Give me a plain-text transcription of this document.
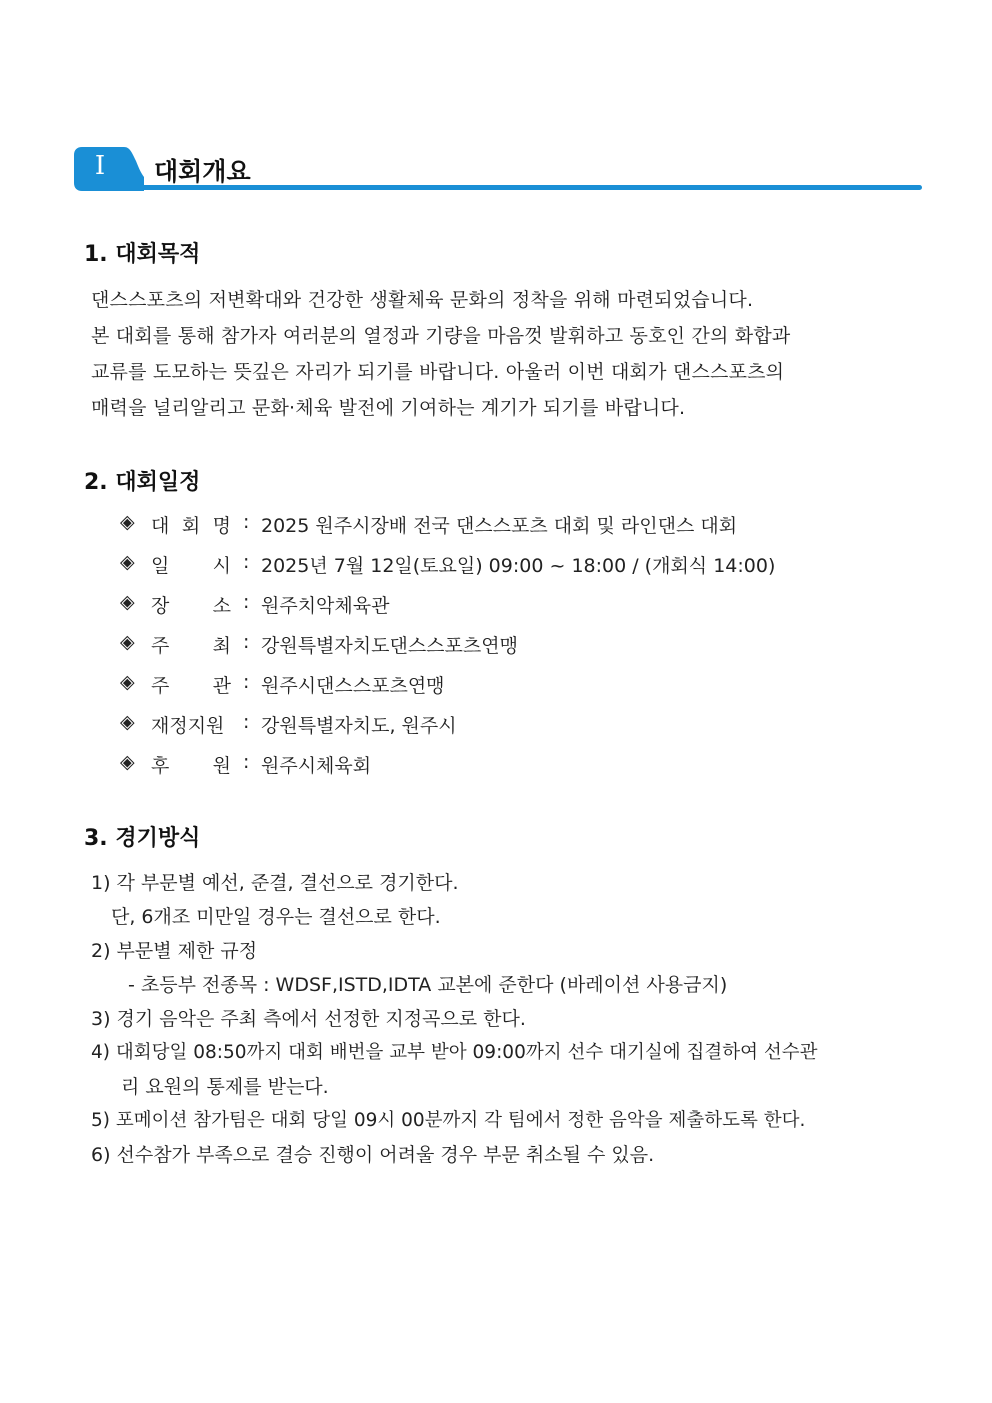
I	대회개요
1. 대회목적
댄스스포츠의 저변확대와 건강한 생활체육 문화의 정착을 위해 마련되었습니다.
본 대회를 통해 참가자 여러분의 열정과 기량을 마음껏 발휘하고 동호인 간의 화합과
교류를 도모하는 뜻깊은 자리가 되기를 바랍니다. 아울러 이번 대회가 댄스스포츠의
매력을 널리알리고 문화·체육 발전에 기여하는 계기가 되기를 바랍니다.
2. 대회일정
◈ 대 회 명 : 2025 원주시장배 전국 댄스스포츠 대회 및 라인댄스 대회
◈ 일 시 : 2025년 7월 12일(토요일) 09:00 ~ 18:00 / (개회식 14:00)
◈ 장 소 : 원주치악체육관
◈ 주 최 : 강원특별자치도댄스스포츠연맹
◈ 주 관 : 원주시댄스스포츠연맹
◈ 재정지원 : 강원특별자치도, 원주시
◈ 후 원 : 원주시체육회
3. 경기방식
1) 각 부문별 예선, 준결, 결선으로 경기한다.
단, 6개조 미만일 경우는 결선으로 한다.
2) 부문별 제한 규정
- 초등부 전종목 : WDSF,ISTD,IDTA 교본에 준한다 (바레이션 사용금지)
3) 경기 음악은 주최 측에서 선정한 지정곡으로 한다.
4) 대회당일 08:50까지 대회 배번을 교부 받아 09:00까지 선수 대기실에 집결하여 선수관
리 요원의 통제를 받는다.
5) 포메이션 참가팀은 대회 당일 09시 00분까지 각 팀에서 정한 음악을 제출하도록 한다.
6) 선수참가 부족으로 결승 진행이 어려울 경우 부문 취소될 수 있음.
